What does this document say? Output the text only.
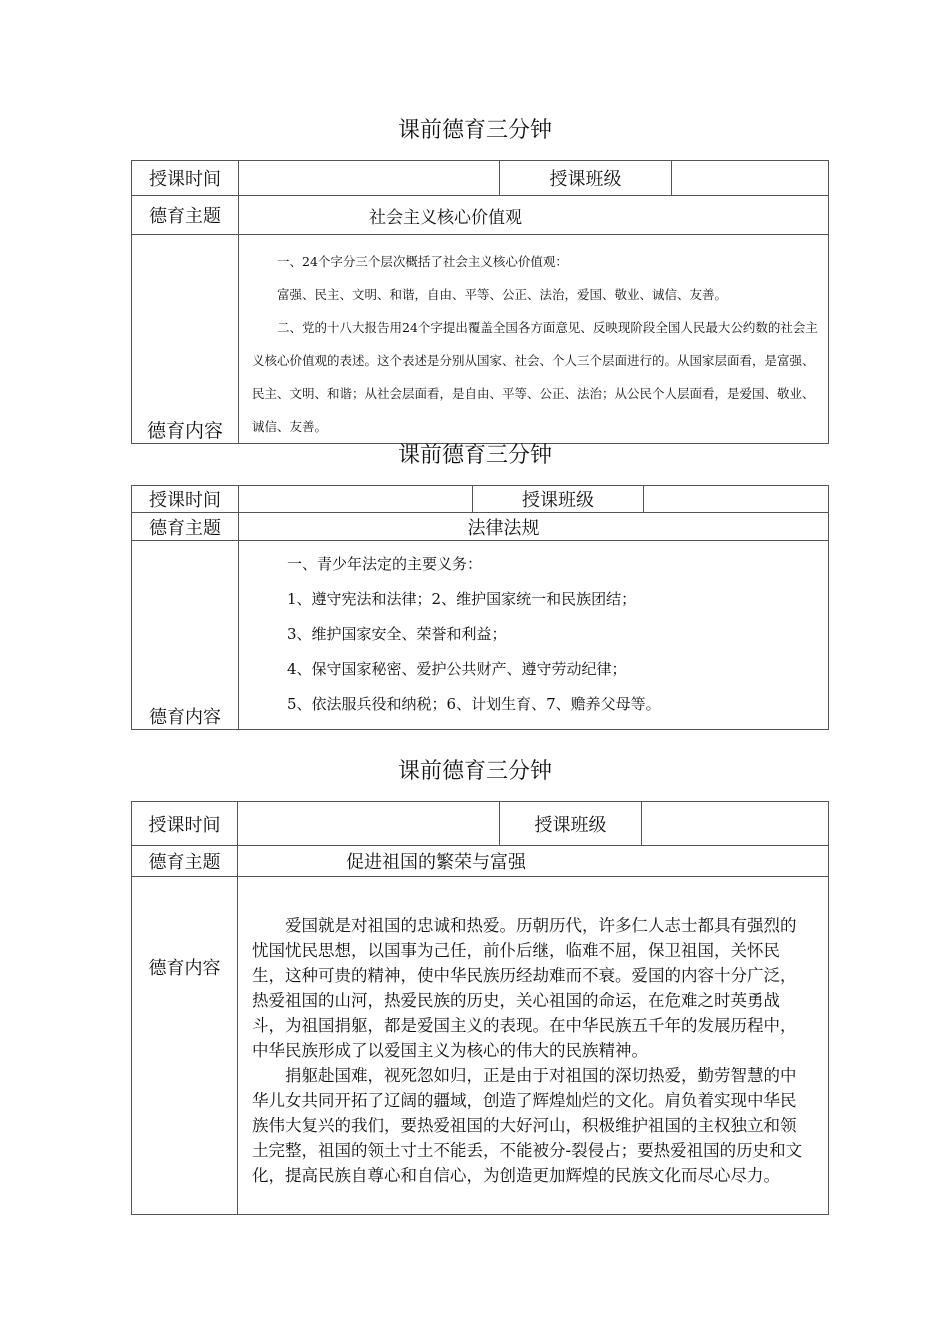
课前德育三分钟
授课时间		授课班级	
德育主题	社会主义核心价值观		
德育内容	一、24个字分三个层次概括了社会主义核心价值观：

富强、民主、文明、和谐，自由、平等、公正、法治，爱国、敬业、诚信、友善。

二、党的十八大报告用24个字提出覆盖全国各方面意见、反映现阶段全国人民最大公约数的社会主义核心价值观的表述。这个表述是分别从国家、社会、个人三个层面进行的。从国家层面看，是富强、民主、文明、和谐；从社会层面看，是自由、平等、公正、法治；从公民个人层面看，是爱国、敬业、诚信、友善。		

课前德育三分钟
授课时间		授课班级	
德育主题	法律法规		
德育内容	一、青少年法定的主要义务：

1、遵守宪法和法律；2、维护国家统一和民族团结；

3、维护国家安全、荣誉和利益；

4、保守国家秘密、爱护公共财产、遵守劳动纪律；

5、依法服兵役和纳税；6、计划生育、7、赡养父母等。		

课前德育三分钟
授课时间		授课班级	
德育主题	促进祖国的繁荣与富强		
德育内容	爱国就是对祖国的忠诚和热爱。历朝历代，许多仁人志士都具有强烈的忧国忧民思想，以国事为己任，前仆后继，临难不屈，保卫祖国，关怀民生，这种可贵的精神，使中华民族历经劫难而不衰。爱国的内容十分广泛，热爱祖国的山河，热爱民族的历史，关心祖国的命运，在危难之时英勇战斗，为祖国捐躯，都是爱国主义的表现。在中华民族五千年的发展历程中，中华民族形成了以爱国主义为核心的伟大的民族精神。

捐躯赴国难，视死忽如归，正是由于对祖国的深切热爱，勤劳智慧的中华儿女共同开拓了辽阔的疆域，创造了辉煌灿烂的文化。肩负着实现中华民族伟大复兴的我们，要热爱祖国的大好河山，积极维护祖国的主权独立和领土完整，祖国的领土寸土不能丢，不能被分-裂侵占；要热爱祖国的历史和文化，提高民族自尊心和自信心，为创造更加辉煌的民族文化而尽心尽力。		
